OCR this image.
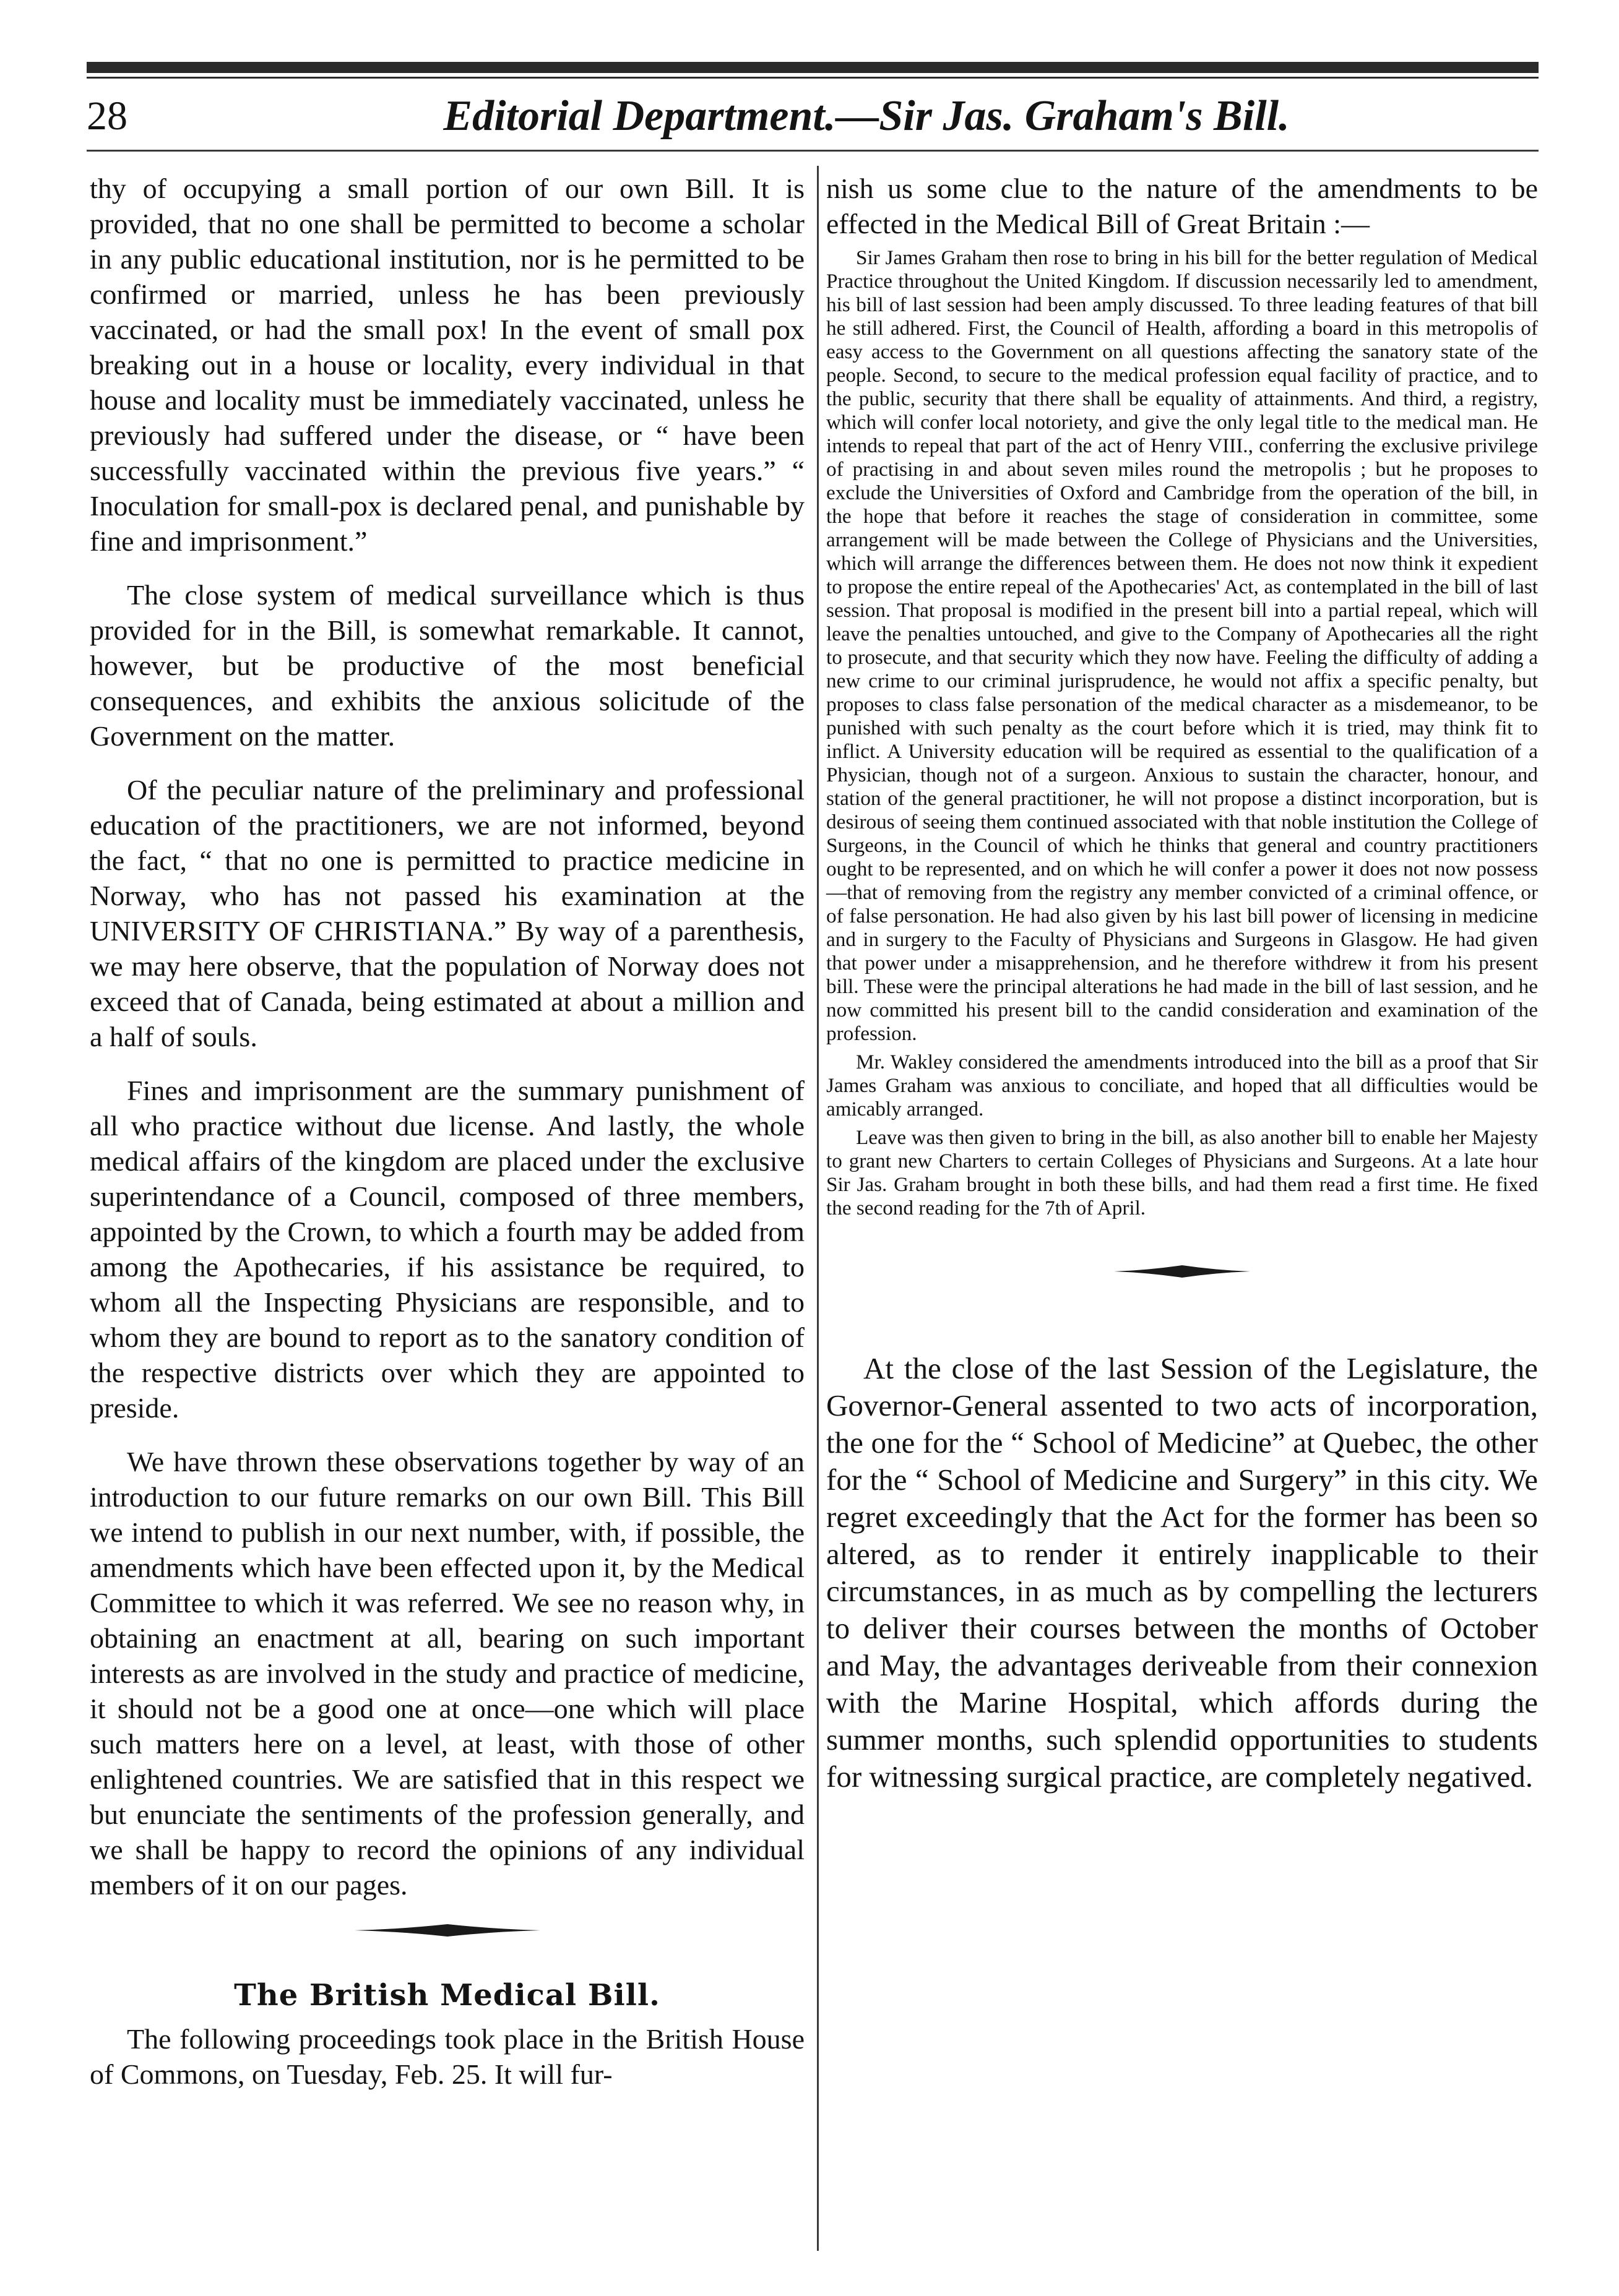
28	Editorial Department.—Sir Jas. Graham's Bill.

thy of occupying a small portion of our own Bill. It is provided, that no one shall be permitted to become a scholar in any public educational institution, nor is he permitted to be confirmed or married, unless he has been previously vaccinated, or had the small pox! In the event of small pox breaking out in a house or locality, every individual in that house and locality must be immediately vaccinated, unless he previously had suffered under the disease, or “ have been successfully vaccinated within the previous five years.” “ Inoculation for small-pox is declared penal, and punishable by fine and imprisonment.”

The close system of medical surveillance which is thus provided for in the Bill, is somewhat remarkable. It cannot, however, but be productive of the most beneficial consequences, and exhibits the anxious solicitude of the Government on the matter.

Of the peculiar nature of the preliminary and professional education of the practitioners, we are not informed, beyond the fact, “ that no one is permitted to practice medicine in Norway, who has not passed his examination at the UNIVERSITY OF CHRISTIANA.” By way of a parenthesis, we may here observe, that the population of Norway does not exceed that of Canada, being estimated at about a million and a half of souls.

Fines and imprisonment are the summary punishment of all who practice without due license. And lastly, the whole medical affairs of the kingdom are placed under the exclusive superintendance of a Council, composed of three members, appointed by the Crown, to which a fourth may be added from among the Apothecaries, if his assistance be required, to whom all the Inspecting Physicians are responsible, and to whom they are bound to report as to the sanatory condition of the respective districts over which they are appointed to preside.

We have thrown these observations together by way of an introduction to our future remarks on our own Bill. This Bill we intend to publish in our next number, with, if possible, the amendments which have been effected upon it, by the Medical Committee to which it was referred. We see no reason why, in obtaining an enactment at all, bearing on such important interests as are involved in the study and practice of medicine, it should not be a good one at once—one which will place such matters here on a level, at least, with those of other enlightened countries. We are satisfied that in this respect we but enunciate the sentiments of the profession generally, and we shall be happy to record the opinions of any individual members of it on our pages.

The British Medical Bill.

The following proceedings took place in the British House of Commons, on Tuesday, Feb. 25. It will fur-

nish us some clue to the nature of the amendments to be effected in the Medical Bill of Great Britain :—

Sir James Graham then rose to bring in his bill for the better regulation of Medical Practice throughout the United Kingdom. If discussion necessarily led to amendment, his bill of last session had been amply discussed. To three leading features of that bill he still adhered. First, the Council of Health, affording a board in this metropolis of easy access to the Government on all questions affecting the sanatory state of the people. Second, to secure to the medical profession equal facility of practice, and to the public, security that there shall be equality of attainments. And third, a registry, which will confer local notoriety, and give the only legal title to the medical man. He intends to repeal that part of the act of Henry VIII., conferring the exclusive privilege of practising in and about seven miles round the metropolis ; but he proposes to exclude the Universities of Oxford and Cambridge from the operation of the bill, in the hope that before it reaches the stage of consideration in committee, some arrangement will be made between the College of Physicians and the Universities, which will arrange the differences between them. He does not now think it expedient to propose the entire repeal of the Apothecaries' Act, as contemplated in the bill of last session. That proposal is modified in the present bill into a partial repeal, which will leave the penalties untouched, and give to the Company of Apothecaries all the right to prosecute, and that security which they now have. Feeling the difficulty of adding a new crime to our criminal jurisprudence, he would not affix a specific penalty, but proposes to class false personation of the medical character as a misdemeanor, to be punished with such penalty as the court before which it is tried, may think fit to inflict. A University education will be required as essential to the qualification of a Physician, though not of a surgeon. Anxious to sustain the character, honour, and station of the general practitioner, he will not propose a distinct incorporation, but is desirous of seeing them continued associated with that noble institution the College of Surgeons, in the Council of which he thinks that general and country practitioners ought to be represented, and on which he will confer a power it does not now possess—that of removing from the registry any member convicted of a criminal offence, or of false personation. He had also given by his last bill power of licensing in medicine and in surgery to the Faculty of Physicians and Surgeons in Glasgow. He had given that power under a misapprehension, and he therefore withdrew it from his present bill. These were the principal alterations he had made in the bill of last session, and he now committed his present bill to the candid consideration and examination of the profession.

Mr. Wakley considered the amendments introduced into the bill as a proof that Sir James Graham was anxious to conciliate, and hoped that all difficulties would be amicably arranged.

Leave was then given to bring in the bill, as also another bill to enable her Majesty to grant new Charters to certain Colleges of Physicians and Surgeons. At a late hour Sir Jas. Graham brought in both these bills, and had them read a first time. He fixed the second reading for the 7th of April.

At the close of the last Session of the Legislature, the Governor-General assented to two acts of incorporation, the one for the “ School of Medicine” at Quebec, the other for the “ School of Medicine and Surgery” in this city. We regret exceedingly that the Act for the former has been so altered, as to render it entirely inapplicable to their circumstances, in as much as by compelling the lecturers to deliver their courses between the months of October and May, the advantages deriveable from their connexion with the Marine Hospital, which affords during the summer months, such splendid opportunities to students for witnessing surgical practice, are completely negatived.
